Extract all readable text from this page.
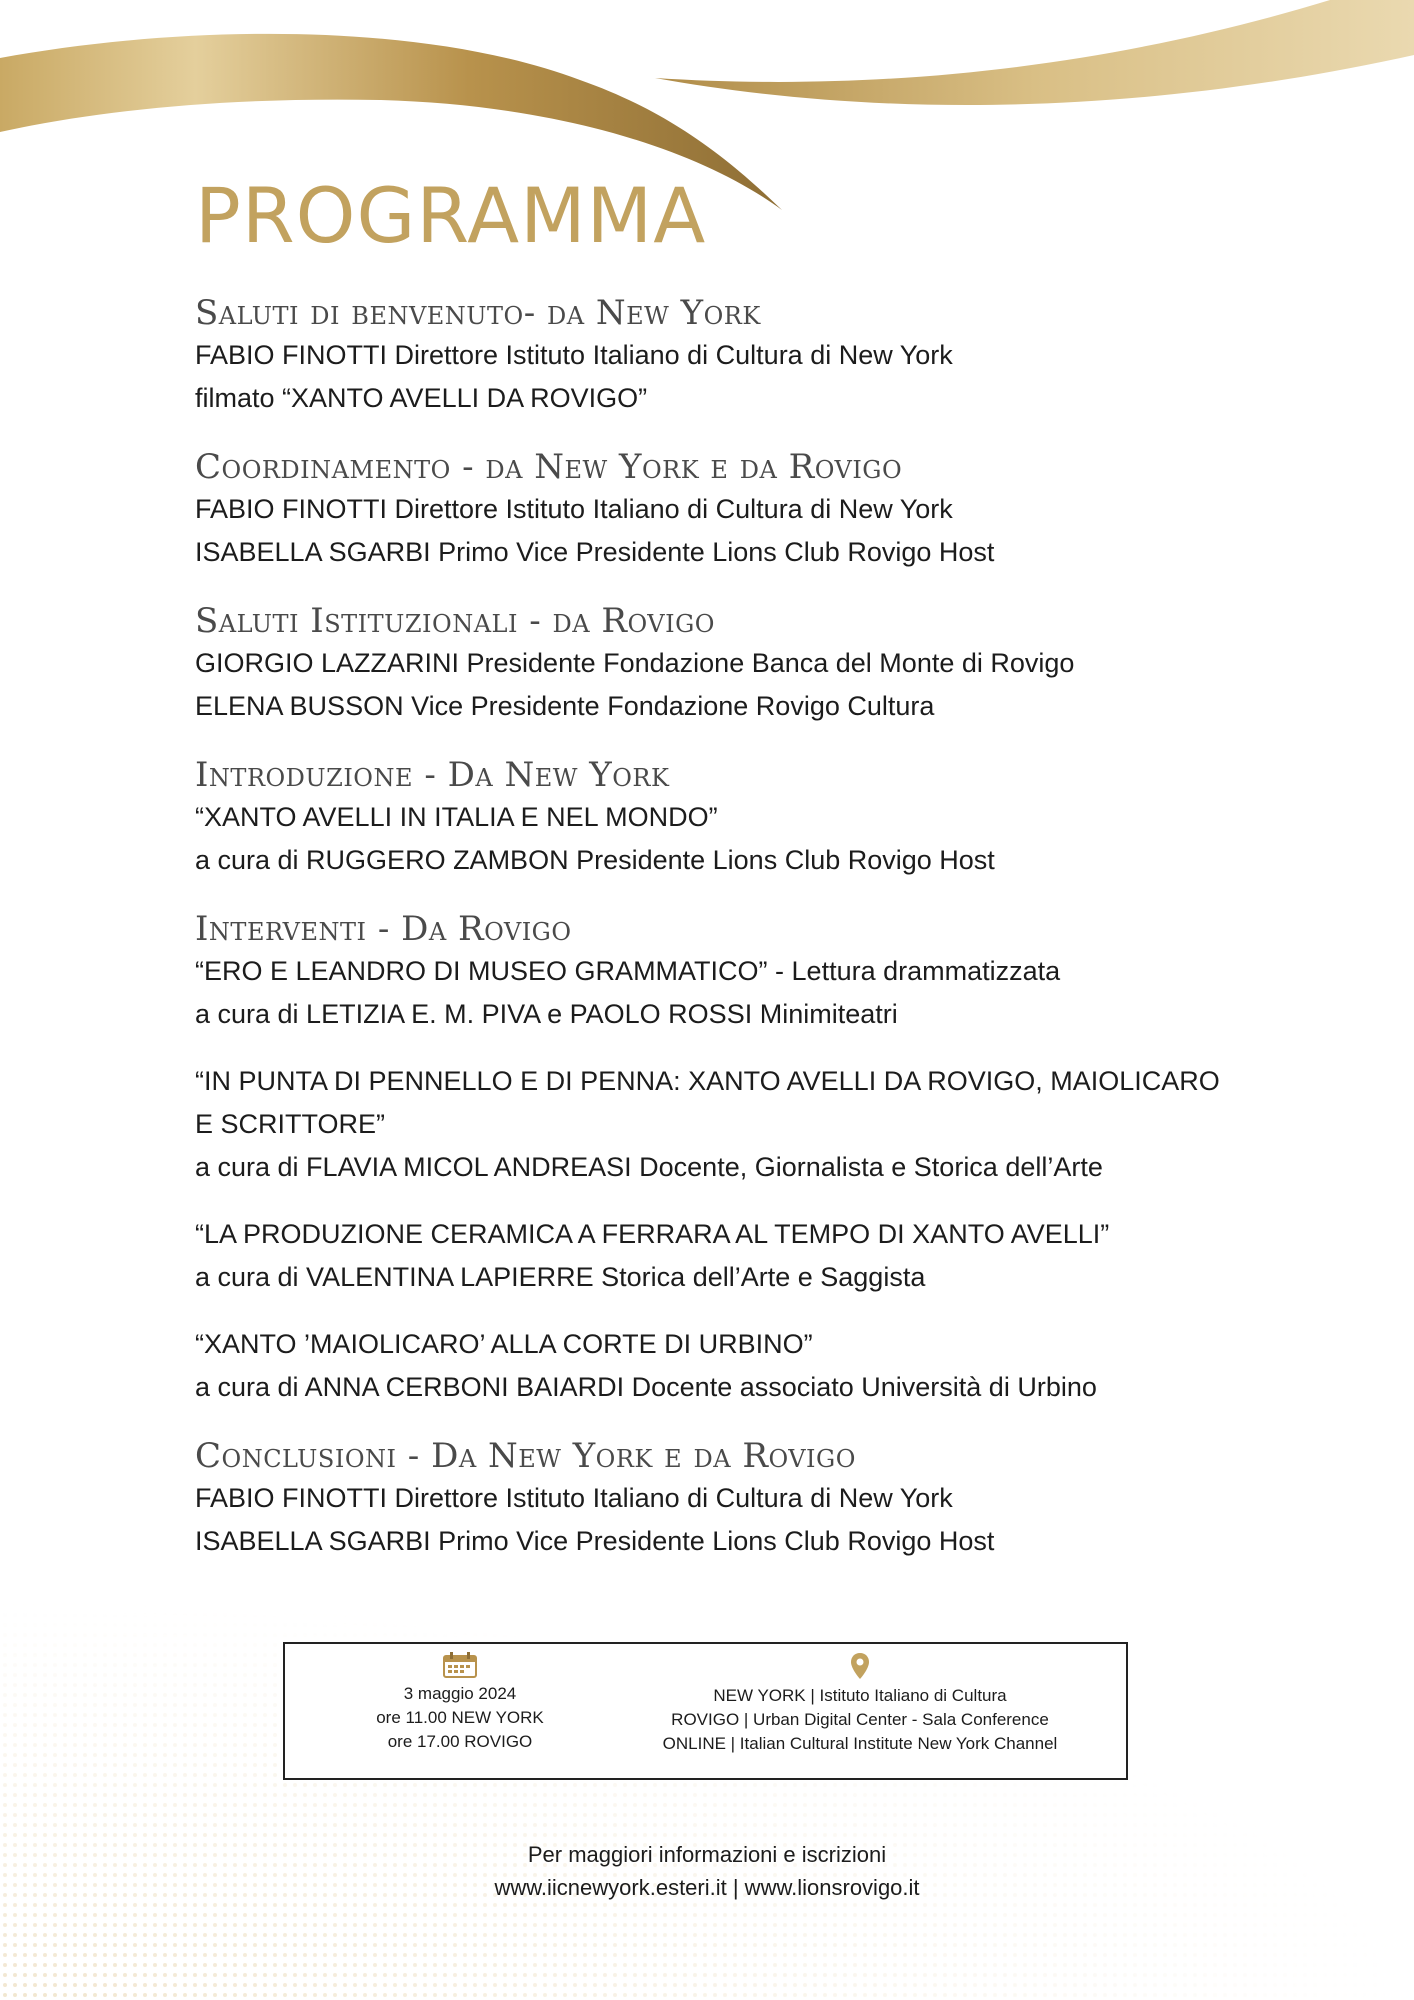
PROGRAMMA
Saluti di benvenuto- da New York

FABIO FINOTTI Direttore Istituto Italiano di Cultura di New York

filmato “XANTO AVELLI DA ROVIGO”

Coordinamento - da New York e da Rovigo

FABIO FINOTTI Direttore Istituto Italiano di Cultura di New York

ISABELLA SGARBI Primo Vice Presidente Lions Club Rovigo Host

Saluti Istituzionali - da Rovigo

GIORGIO LAZZARINI Presidente Fondazione Banca del Monte di Rovigo

ELENA BUSSON Vice Presidente Fondazione Rovigo Cultura

Introduzione - Da New York

“XANTO AVELLI IN ITALIA E NEL MONDO”

a cura di RUGGERO ZAMBON Presidente Lions Club Rovigo Host

Interventi - Da Rovigo

“ERO E LEANDRO DI MUSEO GRAMMATICO” - Lettura drammatizzata

a cura di LETIZIA E. M. PIVA e PAOLO ROSSI Minimiteatri

“IN PUNTA DI PENNELLO E DI PENNA: XANTO AVELLI DA ROVIGO, MAIOLICARO

E SCRITTORE”

a cura di FLAVIA MICOL ANDREASI Docente, Giornalista e Storica dell’Arte

“LA PRODUZIONE CERAMICA A FERRARA AL TEMPO DI XANTO AVELLI”

a cura di VALENTINA LAPIERRE Storica dell’Arte e Saggista

“XANTO ’MAIOLICARO’ ALLA CORTE DI URBINO”

a cura di ANNA CERBONI BAIARDI Docente associato Università di Urbino

Conclusioni - Da New York e da Rovigo

FABIO FINOTTI Direttore Istituto Italiano di Cultura di New York

ISABELLA SGARBI Primo Vice Presidente Lions Club Rovigo Host

3 maggio 2024
ore 11.00 NEW YORK
ore 17.00 ROVIGO
NEW YORK | Istituto Italiano di Cultura
ROVIGO | Urban Digital Center - Sala Conference
ONLINE | Italian Cultural Institute New York Channel
Per maggiori informazioni e iscrizioni
www.iicnewyork.esteri.it | www.lionsrovigo.it
